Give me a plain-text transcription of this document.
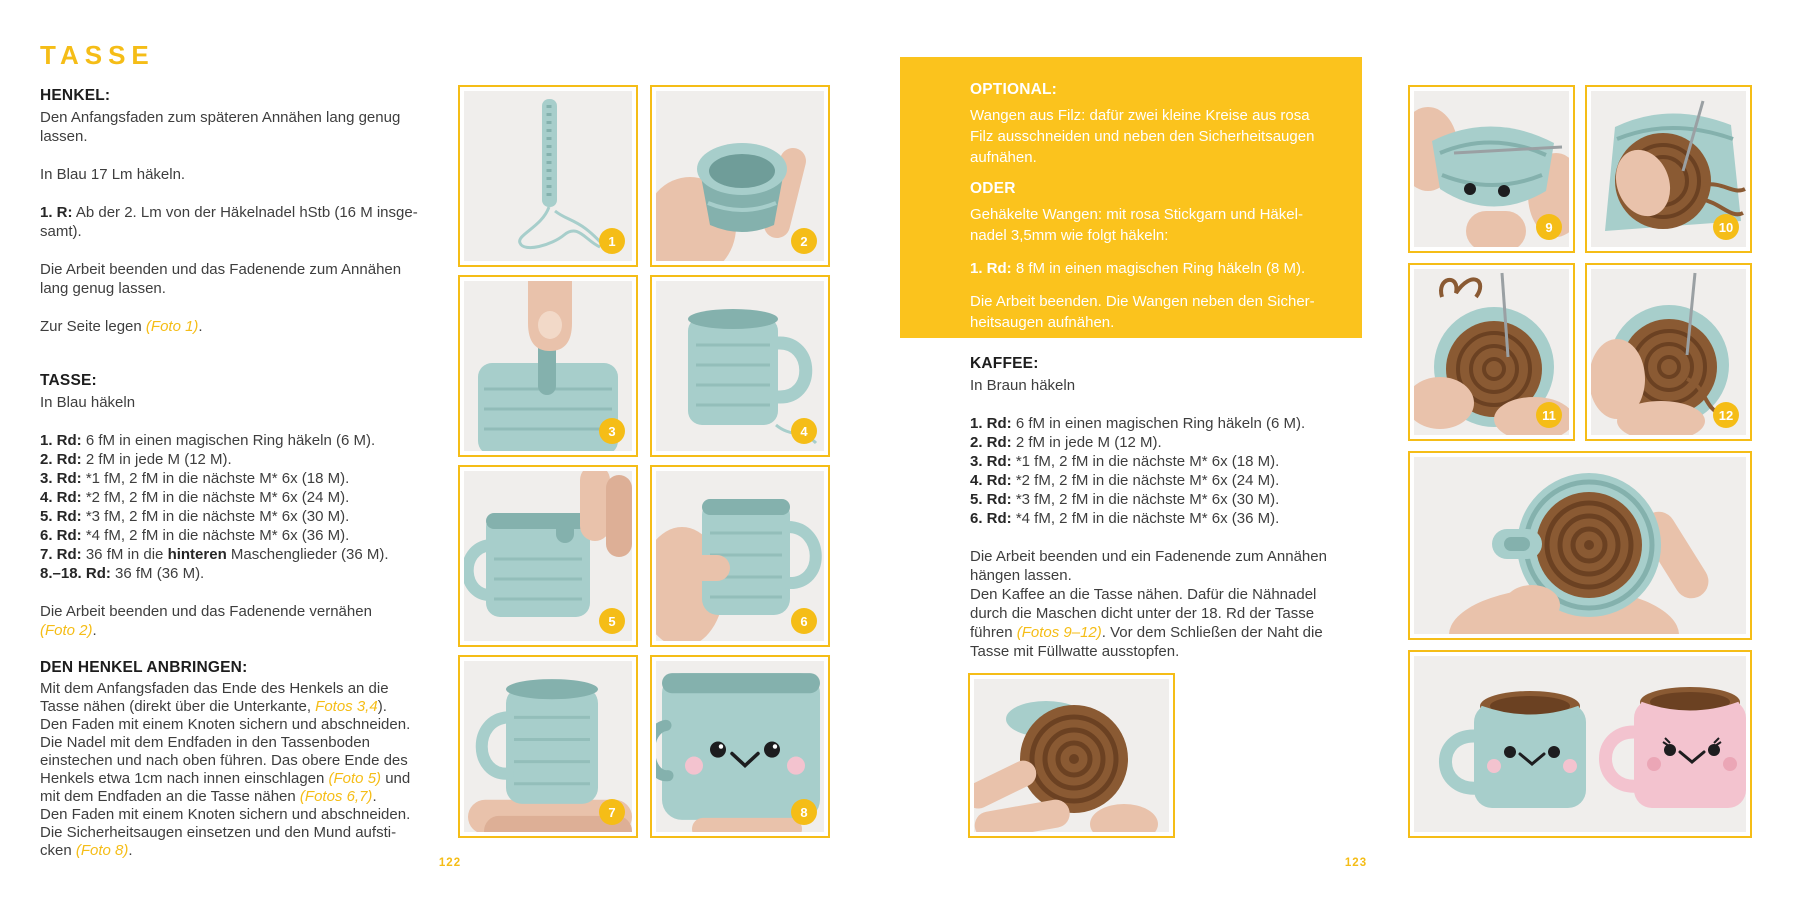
TASSE
HENKEL:
Den Anfangsfaden zum späteren Annähen lang genug
lassen.
In Blau 17 Lm häkeln.
1. R: Ab der 2. Lm von der Häkelnadel hStb (16 M insge-
samt).
Die Arbeit beenden und das Fadenende zum Annähen
lang genug lassen.
Zur Seite legen (Foto 1).
TASSE:
In Blau häkeln
1. Rd: 6 fM in einen magischen Ring häkeln (6 M).
2. Rd: 2 fM in jede M (12 M).
3. Rd: *1 fM, 2 fM in die nächste M* 6x (18 M).
4. Rd: *2 fM, 2 fM in die nächste M* 6x (24 M).
5. Rd: *3 fM, 2 fM in die nächste M* 6x (30 M).
6. Rd: *4 fM, 2 fM in die nächste M* 6x (36 M).
7. Rd: 36 fM in die hinteren Maschenglieder (36 M).
8.–18. Rd: 36 fM (36 M).
Die Arbeit beenden und das Fadenende vernähen
(Foto 2).
DEN HENKEL ANBRINGEN:
Mit dem Anfangsfaden das Ende des Henkels an die
Tasse nähen (direkt über die Unterkante, Fotos 3,4).
Den Faden mit einem Knoten sichern und abschneiden.
Die Nadel mit dem Endfaden in den Tassenboden
einstechen und nach oben führen. Das obere Ende des
Henkels etwa 1cm nach innen einschlagen (Foto 5) und
mit dem Endfaden an die Tasse nähen (Fotos 6,7).
Den Faden mit einem Knoten sichern und abschneiden.
Die Sicherheitsaugen einsetzen und den Mund aufsti-
cken (Foto 8).
1	2
3	4
5	6
7	8
122
OPTIONAL:
Wangen aus Filz: dafür zwei kleine Kreise aus rosa
Filz ausschneiden und neben den Sicherheitsaugen
aufnähen.
ODER
Gehäkelte Wangen: mit rosa Stickgarn und Häkel-
nadel 3,5mm wie folgt häkeln:
1. Rd: 8 fM in einen magischen Ring häkeln (8 M).
Die Arbeit beenden. Die Wangen neben den Sicher-
heitsaugen aufnähen.
KAFFEE:
In Braun häkeln
1. Rd: 6 fM in einen magischen Ring häkeln (6 M).
2. Rd: 2 fM in jede M (12 M).
3. Rd: *1 fM, 2 fM in die nächste M* 6x (18 M).
4. Rd: *2 fM, 2 fM in die nächste M* 6x (24 M).
5. Rd: *3 fM, 2 fM in die nächste M* 6x (30 M).
6. Rd: *4 fM, 2 fM in die nächste M* 6x (36 M).
Die Arbeit beenden und ein Fadenende zum Annähen
hängen lassen.
Den Kaffee an die Tasse nähen. Dafür die Nähnadel
durch die Maschen dicht unter der 18. Rd der Tasse
führen (Fotos 9–12). Vor dem Schließen der Naht die
Tasse mit Füllwatte ausstopfen.
9	10
11	12
123
